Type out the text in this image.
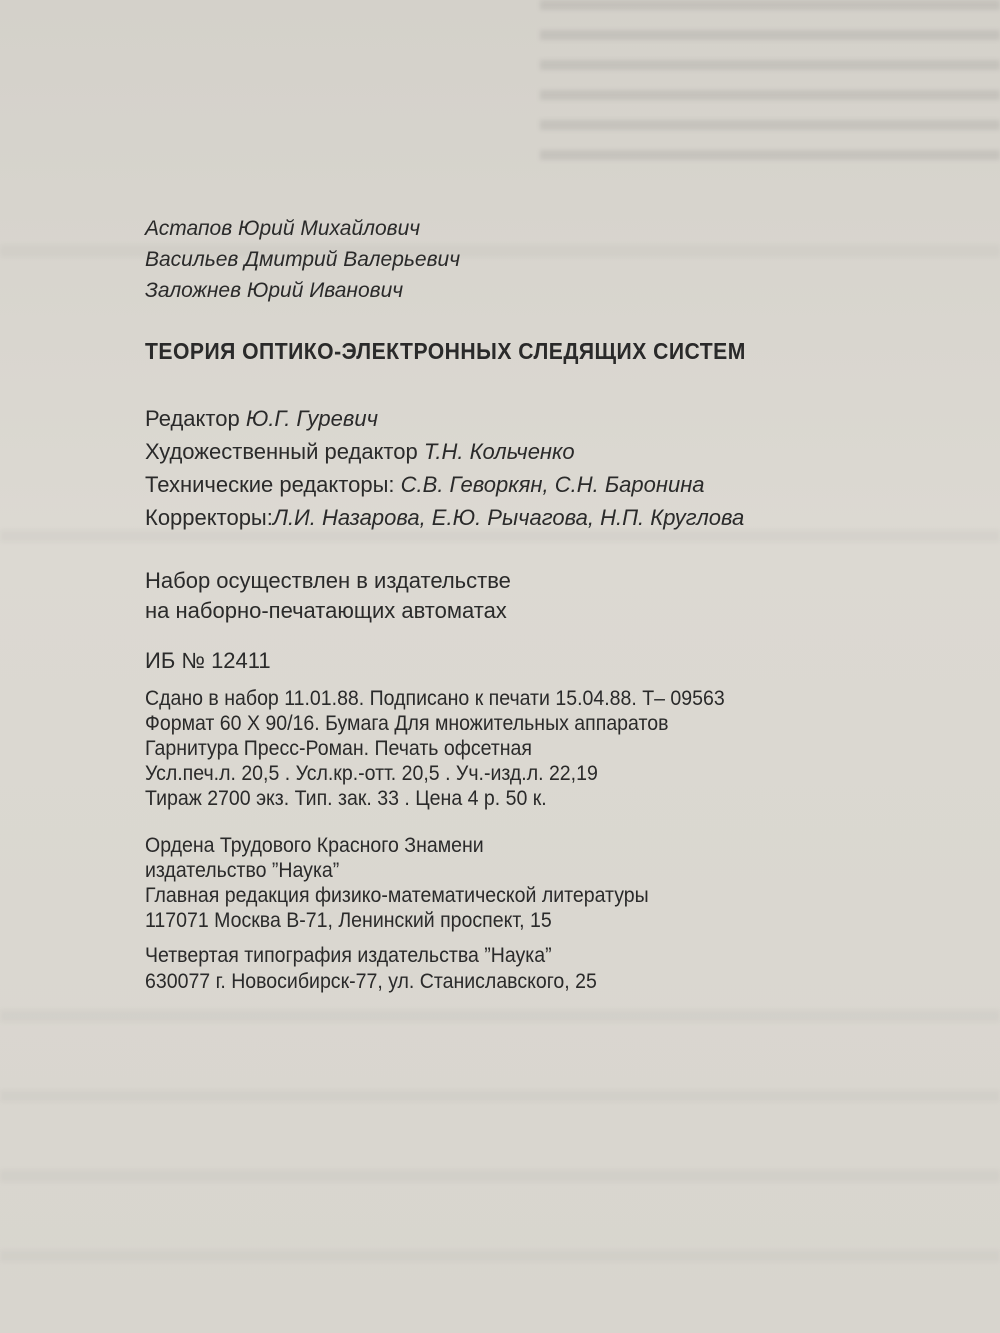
Астапов Юрий Михайлович
Васильев Дмитрий Валерьевич
Заложнев Юрий Иванович
ТЕОРИЯ ОПТИКО-ЭЛЕКТРОННЫХ СЛЕДЯЩИХ СИСТЕМ
Редактор Ю.Г. Гуревич
Художественный редактор Т.Н. Кольченко
Технические редакторы: С.В. Геворкян, С.Н. Баронина
Корректоры:Л.И. Назарова, Е.Ю. Рычагова, Н.П. Круглова
Набор осуществлен в издательстве
на наборно-печатающих автоматах
ИБ № 12411
Сдано в набор 11.01.88. Подписано к печати 15.04.88. Т– 09563
Формат 60 X 90/16. Бумага Для множительных аппаратов
Гарнитура Пресс-Роман. Печать офсетная
Усл.печ.л. 20,5 . Усл.кр.-отт. 20,5 . Уч.-изд.л. 22,19
Тираж 2700 экз. Тип. зак. 33 . Цена 4 р. 50 к.
Ордена Трудового Красного Знамени
издательство ”Наука”
Главная редакция физико-математической литературы
117071 Москва В-71, Ленинский проспект, 15
Четвертая типография издательства ”Наука”
630077 г. Новосибирск-77, ул. Станиславского, 25
